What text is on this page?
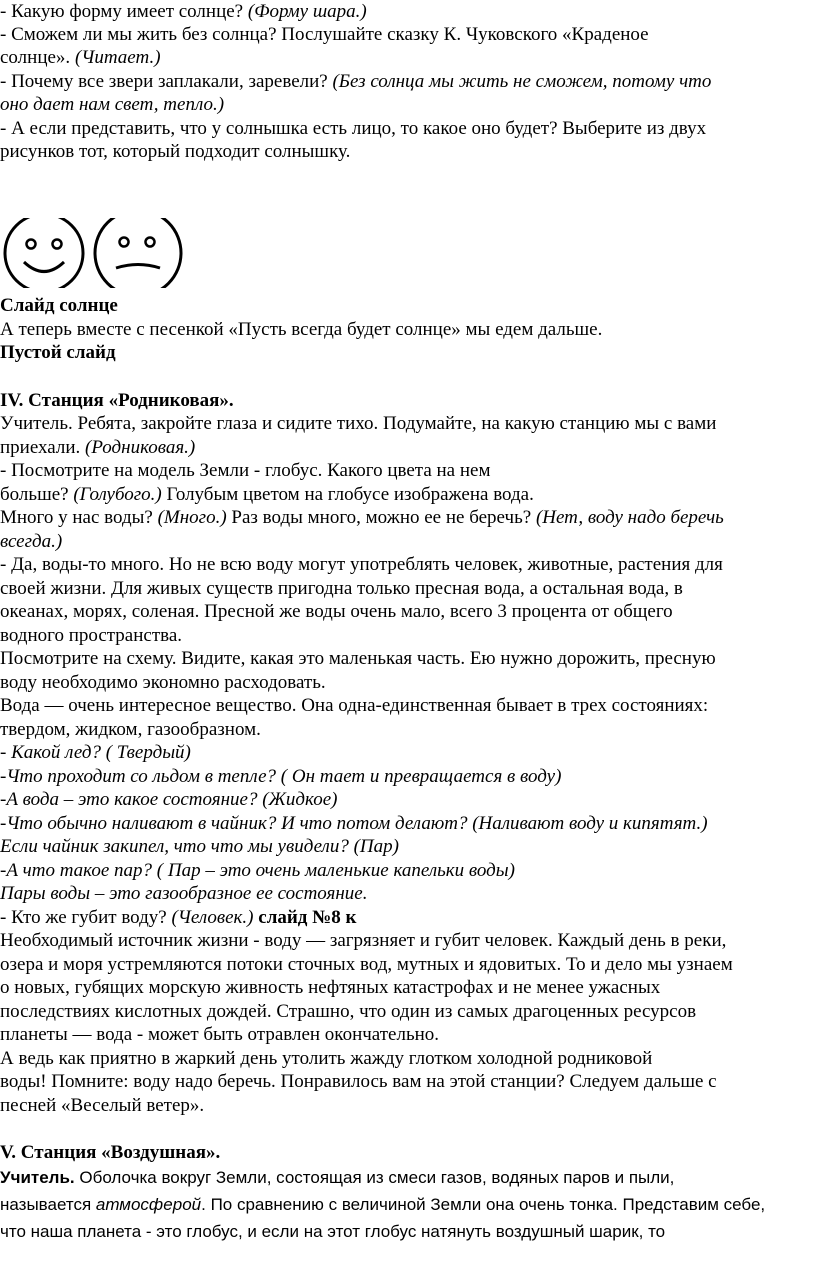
- Какую форму имеет солнце? (Форму шара.)
- Сможем ли мы жить без солнца? Послушайте сказку К. Чуковского «Краденое
солнце». (Читает.)
- Почему все звери заплакали, заревели? (Без солнца мы жить не сможем, потому что
оно дает нам свет, тепло.)
- А если представить, что у солнышка есть лицо, то какое оно будет? Выберите из двух
рисунков тот, который подходит солнышку.
Слайд солнце
А теперь вместе с песенкой «Пусть всегда будет солнце» мы едем дальше.
Пустой слайд
IV. Станция «Родниковая».
Учитель. Ребята, закройте глаза и сидите тихо. Подумайте, на какую станцию мы с вами
приехали. (Родниковая.)
- Посмотрите на модель Земли - глобус. Какого цвета на нем
больше? (Голубого.) Голубым цветом на глобусе изображена вода.
Много у нас воды? (Много.) Раз воды много, можно ее не беречь? (Нет, воду надо беречь
всегда.)
- Да, воды-то много. Но не всю воду могут употреблять человек, животные, растения для
своей жизни. Для живых существ пригодна только пресная вода, а остальная вода, в
океанах, морях, соленая. Пресной же воды очень мало, всего 3 процента от общего
водного пространства.
Посмотрите на схему. Видите, какая это маленькая часть. Ею нужно дорожить, пресную
воду необходимо экономно расходовать.
Вода — очень интересное вещество. Она одна-единственная бывает в трех состояниях:
твердом, жидком, газообразном.
- Какой лед? ( Твердый)
-Что проходит со льдом в тепле? ( Он тает и превращается в воду)
-А вода – это какое состояние? (Жидкое)
-Что обычно наливают в чайник? И что потом делают? (Наливают воду и кипятят.)
Если чайник закипел, что что мы увидели? (Пар)
-А что такое пар? ( Пар – это очень маленькие капельки воды)
Пары воды – это газообразное ее состояние.
- Кто же губит воду? (Человек.) слайд №8 к
Необходимый источник жизни - воду — загрязняет и губит человек. Каждый день в реки,
озера и моря устремляются потоки сточных вод, мутных и ядовитых. То и дело мы узнаем
о новых, губящих морскую живность нефтяных катастрофах и не менее ужасных
последствиях кислотных дождей. Страшно, что один из самых драгоценных ресурсов
планеты — вода - может быть отравлен окончательно.
А ведь как приятно в жаркий день утолить жажду глотком холодной родниковой
воды! Помните: воду надо беречь. Понравилось вам на этой станции? Следуем дальше с
песней «Веселый ветер».
V. Станция «Воздушная».
Учитель. Оболочка вокруг Земли, состоящая из смеси газов, водяных паров и пыли,
называется атмосферой. По сравнению с величиной Земли она очень тонка. Представим себе,
что наша планета - это глобус, и если на этот глобус натянуть воздушный шарик, то
